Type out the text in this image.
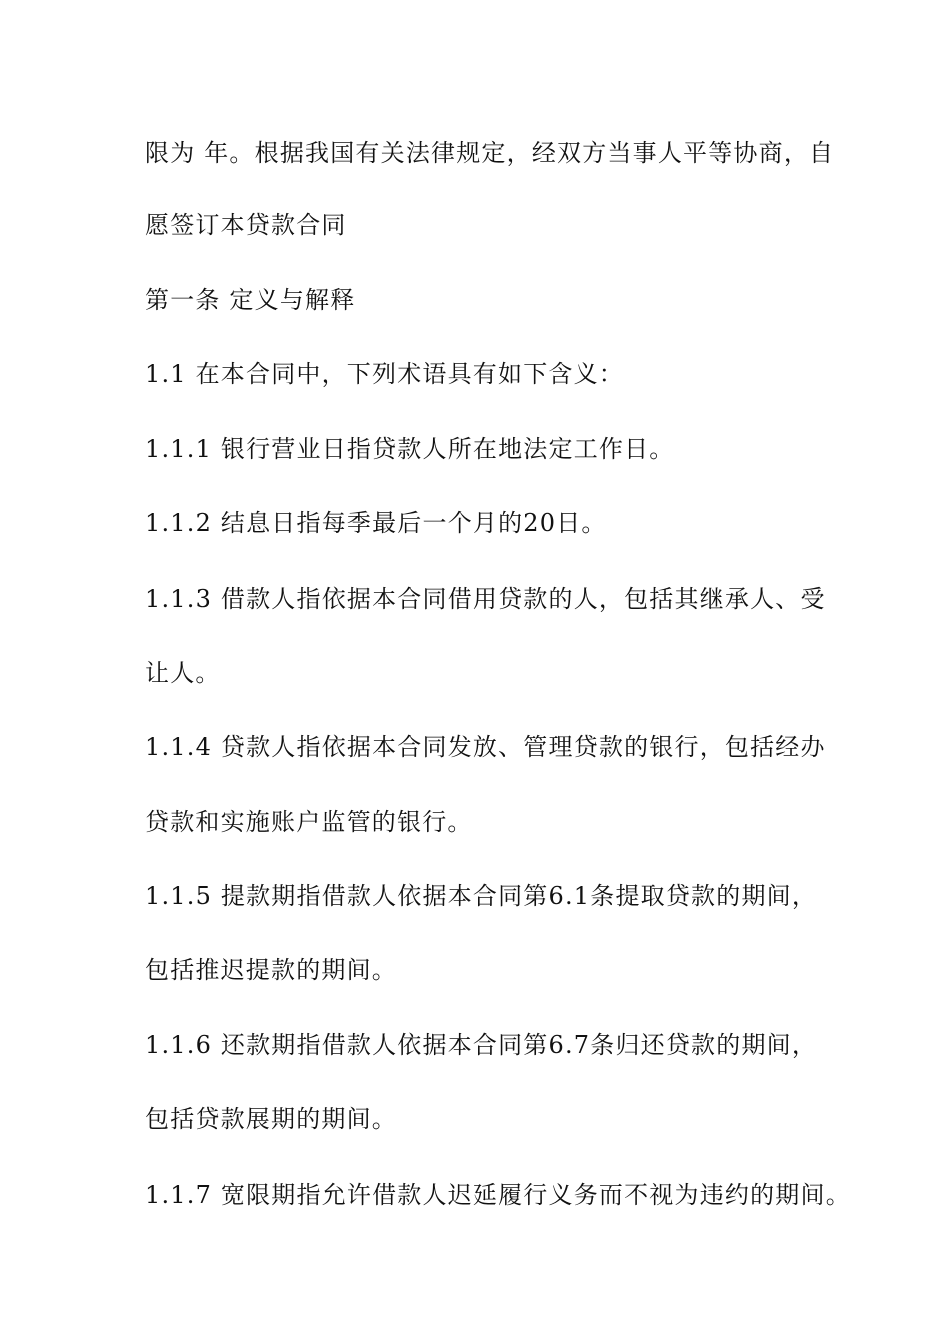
限为 年。根据我国有关法律规定，经双方当事人平等协商，自
愿签订本贷款合同
第一条 定义与解释
1.1 在本合同中，下列术语具有如下含义：
1.1.1 银行营业日指贷款人所在地法定工作日。
1.1.2 结息日指每季最后一个月的20日。
1.1.3 借款人指依据本合同借用贷款的人，包括其继承人、受
让人。
1.1.4 贷款人指依据本合同发放、管理贷款的银行，包括经办
贷款和实施账户监管的银行。
1.1.5 提款期指借款人依据本合同第6.1条提取贷款的期间，
包括推迟提款的期间。
1.1.6 还款期指借款人依据本合同第6.7条归还贷款的期间，
包括贷款展期的期间。
1.1.7 宽限期指允许借款人迟延履行义务而不视为违约的期间。
